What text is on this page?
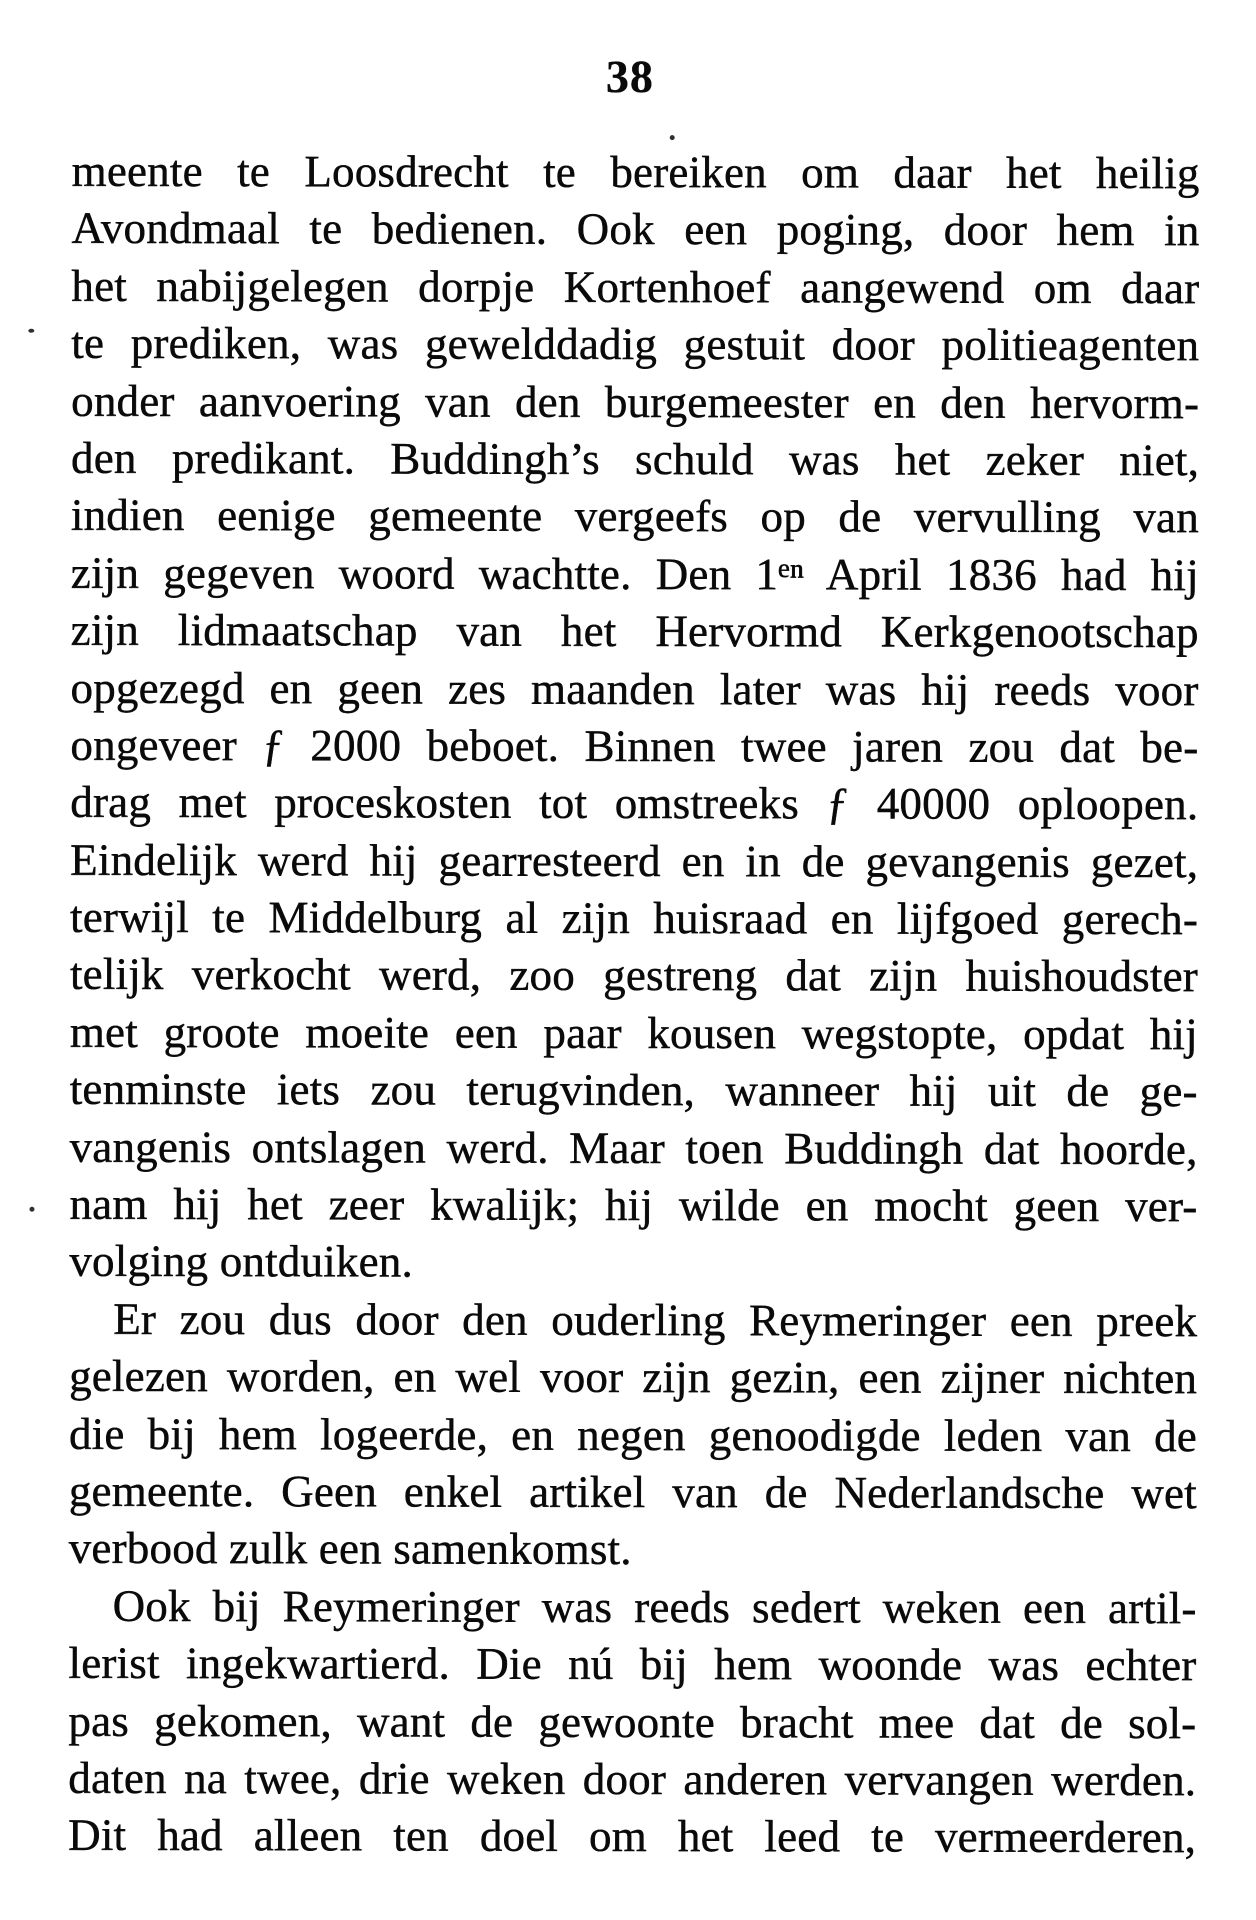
38
meente te Loosdrecht te bereiken om daar het heilig
Avondmaal te bedienen. Ook een poging, door hem in
het nabijgelegen dorpje Kortenhoef aangewend om daar
te prediken, was gewelddadig gestuit door politieagenten
onder aanvoering van den burgemeester en den hervorm-
den predikant. Buddingh’s schuld was het zeker niet,
indien eenige gemeente vergeefs op de vervulling van
zijn gegeven woord wachtte. Den 1ᵉⁿ April 1836 had hij
zijn lidmaatschap van het Hervormd Kerkgenootschap
opgezegd en geen zes maanden later was hij reeds voor
ongeveer ƒ 2000 beboet. Binnen twee jaren zou dat be-
drag met proceskosten tot omstreeks ƒ 40000 oploopen.
Eindelijk werd hij gearresteerd en in de gevangenis gezet,
terwijl te Middelburg al zijn huisraad en lijfgoed gerech-
telijk verkocht werd, zoo gestreng dat zijn huishoudster
met groote moeite een paar kousen wegstopte, opdat hij
tenminste iets zou terugvinden, wanneer hij uit de ge-
vangenis ontslagen werd. Maar toen Buddingh dat hoorde,
nam hij het zeer kwalijk; hij wilde en mocht geen ver-
volging ontduiken.
Er zou dus door den ouderling Reymeringer een preek
gelezen worden, en wel voor zijn gezin, een zijner nichten
die bij hem logeerde, en negen genoodigde leden van de
gemeente. Geen enkel artikel van de Nederlandsche wet
verbood zulk een samenkomst.
Ook bij Reymeringer was reeds sedert weken een artil-
lerist ingekwartierd. Die nú bij hem woonde was echter
pas gekomen, want de gewoonte bracht mee dat de sol-
daten na twee, drie weken door anderen vervangen werden.
Dit had alleen ten doel om het leed te vermeerderen,
